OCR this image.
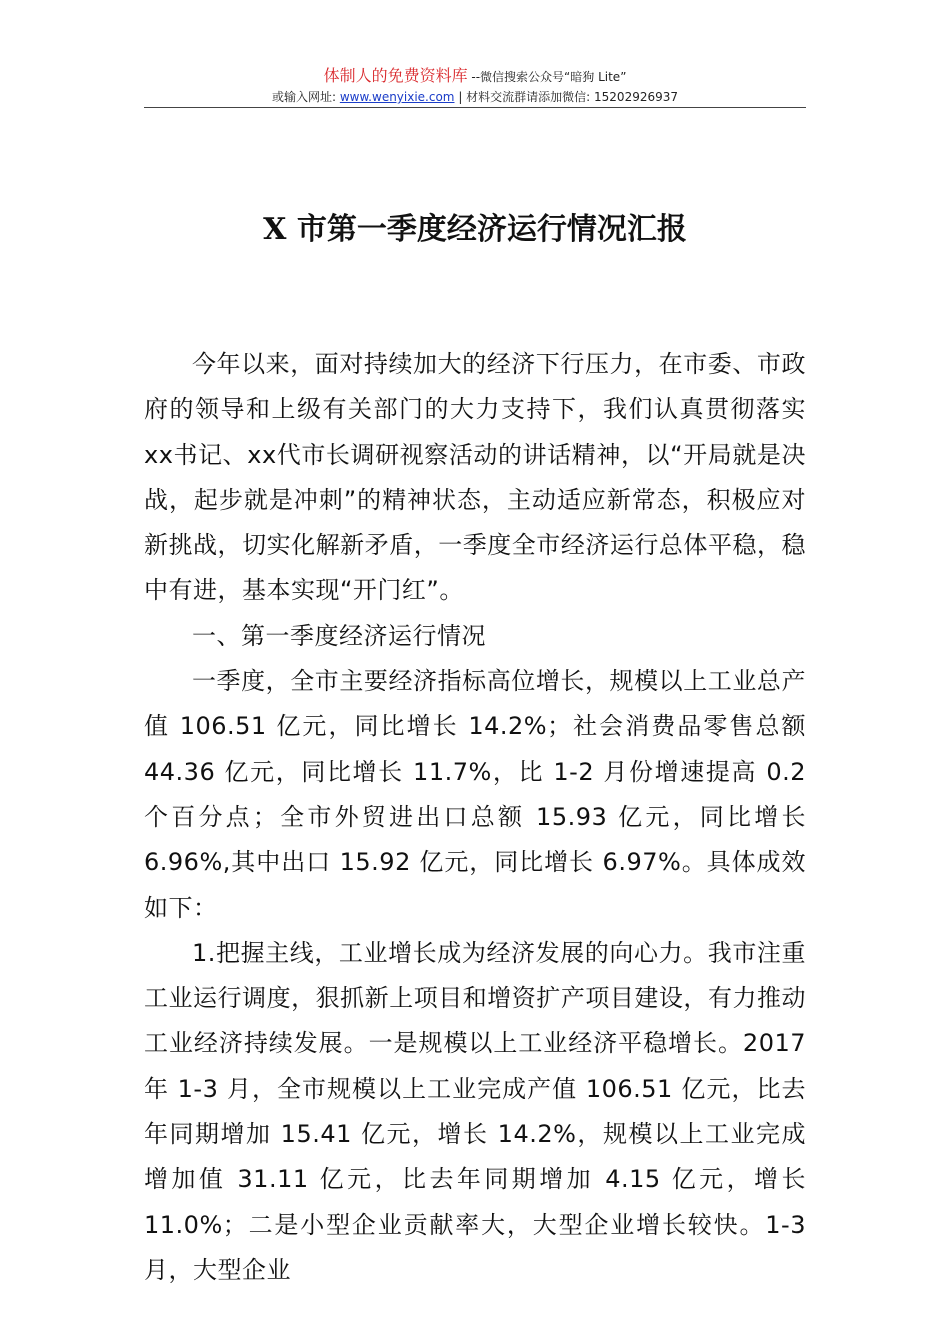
体制人的免费资料库 --微信搜索公众号“暗狗 Lite”
或输入网址: www.wenyixie.com | 材料交流群请添加微信: 15202926937
X 市第一季度经济运行情况汇报

今年以来，面对持续加大的经济下行压力，在市委、市政府的领导和上级有关部门的大力支持下，我们认真贯彻落实xx书记、xx代市长调研视察活动的讲话精神，以“开局就是决战，起步就是冲刺”的精神状态，主动适应新常态，积极应对新挑战，切实化解新矛盾，一季度全市经济运行总体平稳，稳中有进，基本实现“开门红”。

一、第一季度经济运行情况

一季度，全市主要经济指标高位增长，规模以上工业总产值 106.51 亿元，同比增长 14.2%；社会消费品零售总额44.36 亿元，同比增长 11.7%，比 1-2 月份增速提高 0.2 个百分点；全市外贸进出口总额 15.93 亿元，同比增长 6.96%,其中出口 15.92 亿元，同比增长 6.97%。具体成效如下：

1.把握主线，工业增长成为经济发展的向心力。我市注重工业运行调度，狠抓新上项目和增资扩产项目建设，有力推动工业经济持续发展。一是规模以上工业经济平稳增长。2017 年 1-3 月，全市规模以上工业完成产值 106.51 亿元，比去年同期增加 15.41 亿元，增长 14.2%，规模以上工业完成增加值 31.11 亿元，比去年同期增加 4.15 亿元，增长 11.0%；二是小型企业贡献率大，大型企业增长较快。1-3 月，大型企业
